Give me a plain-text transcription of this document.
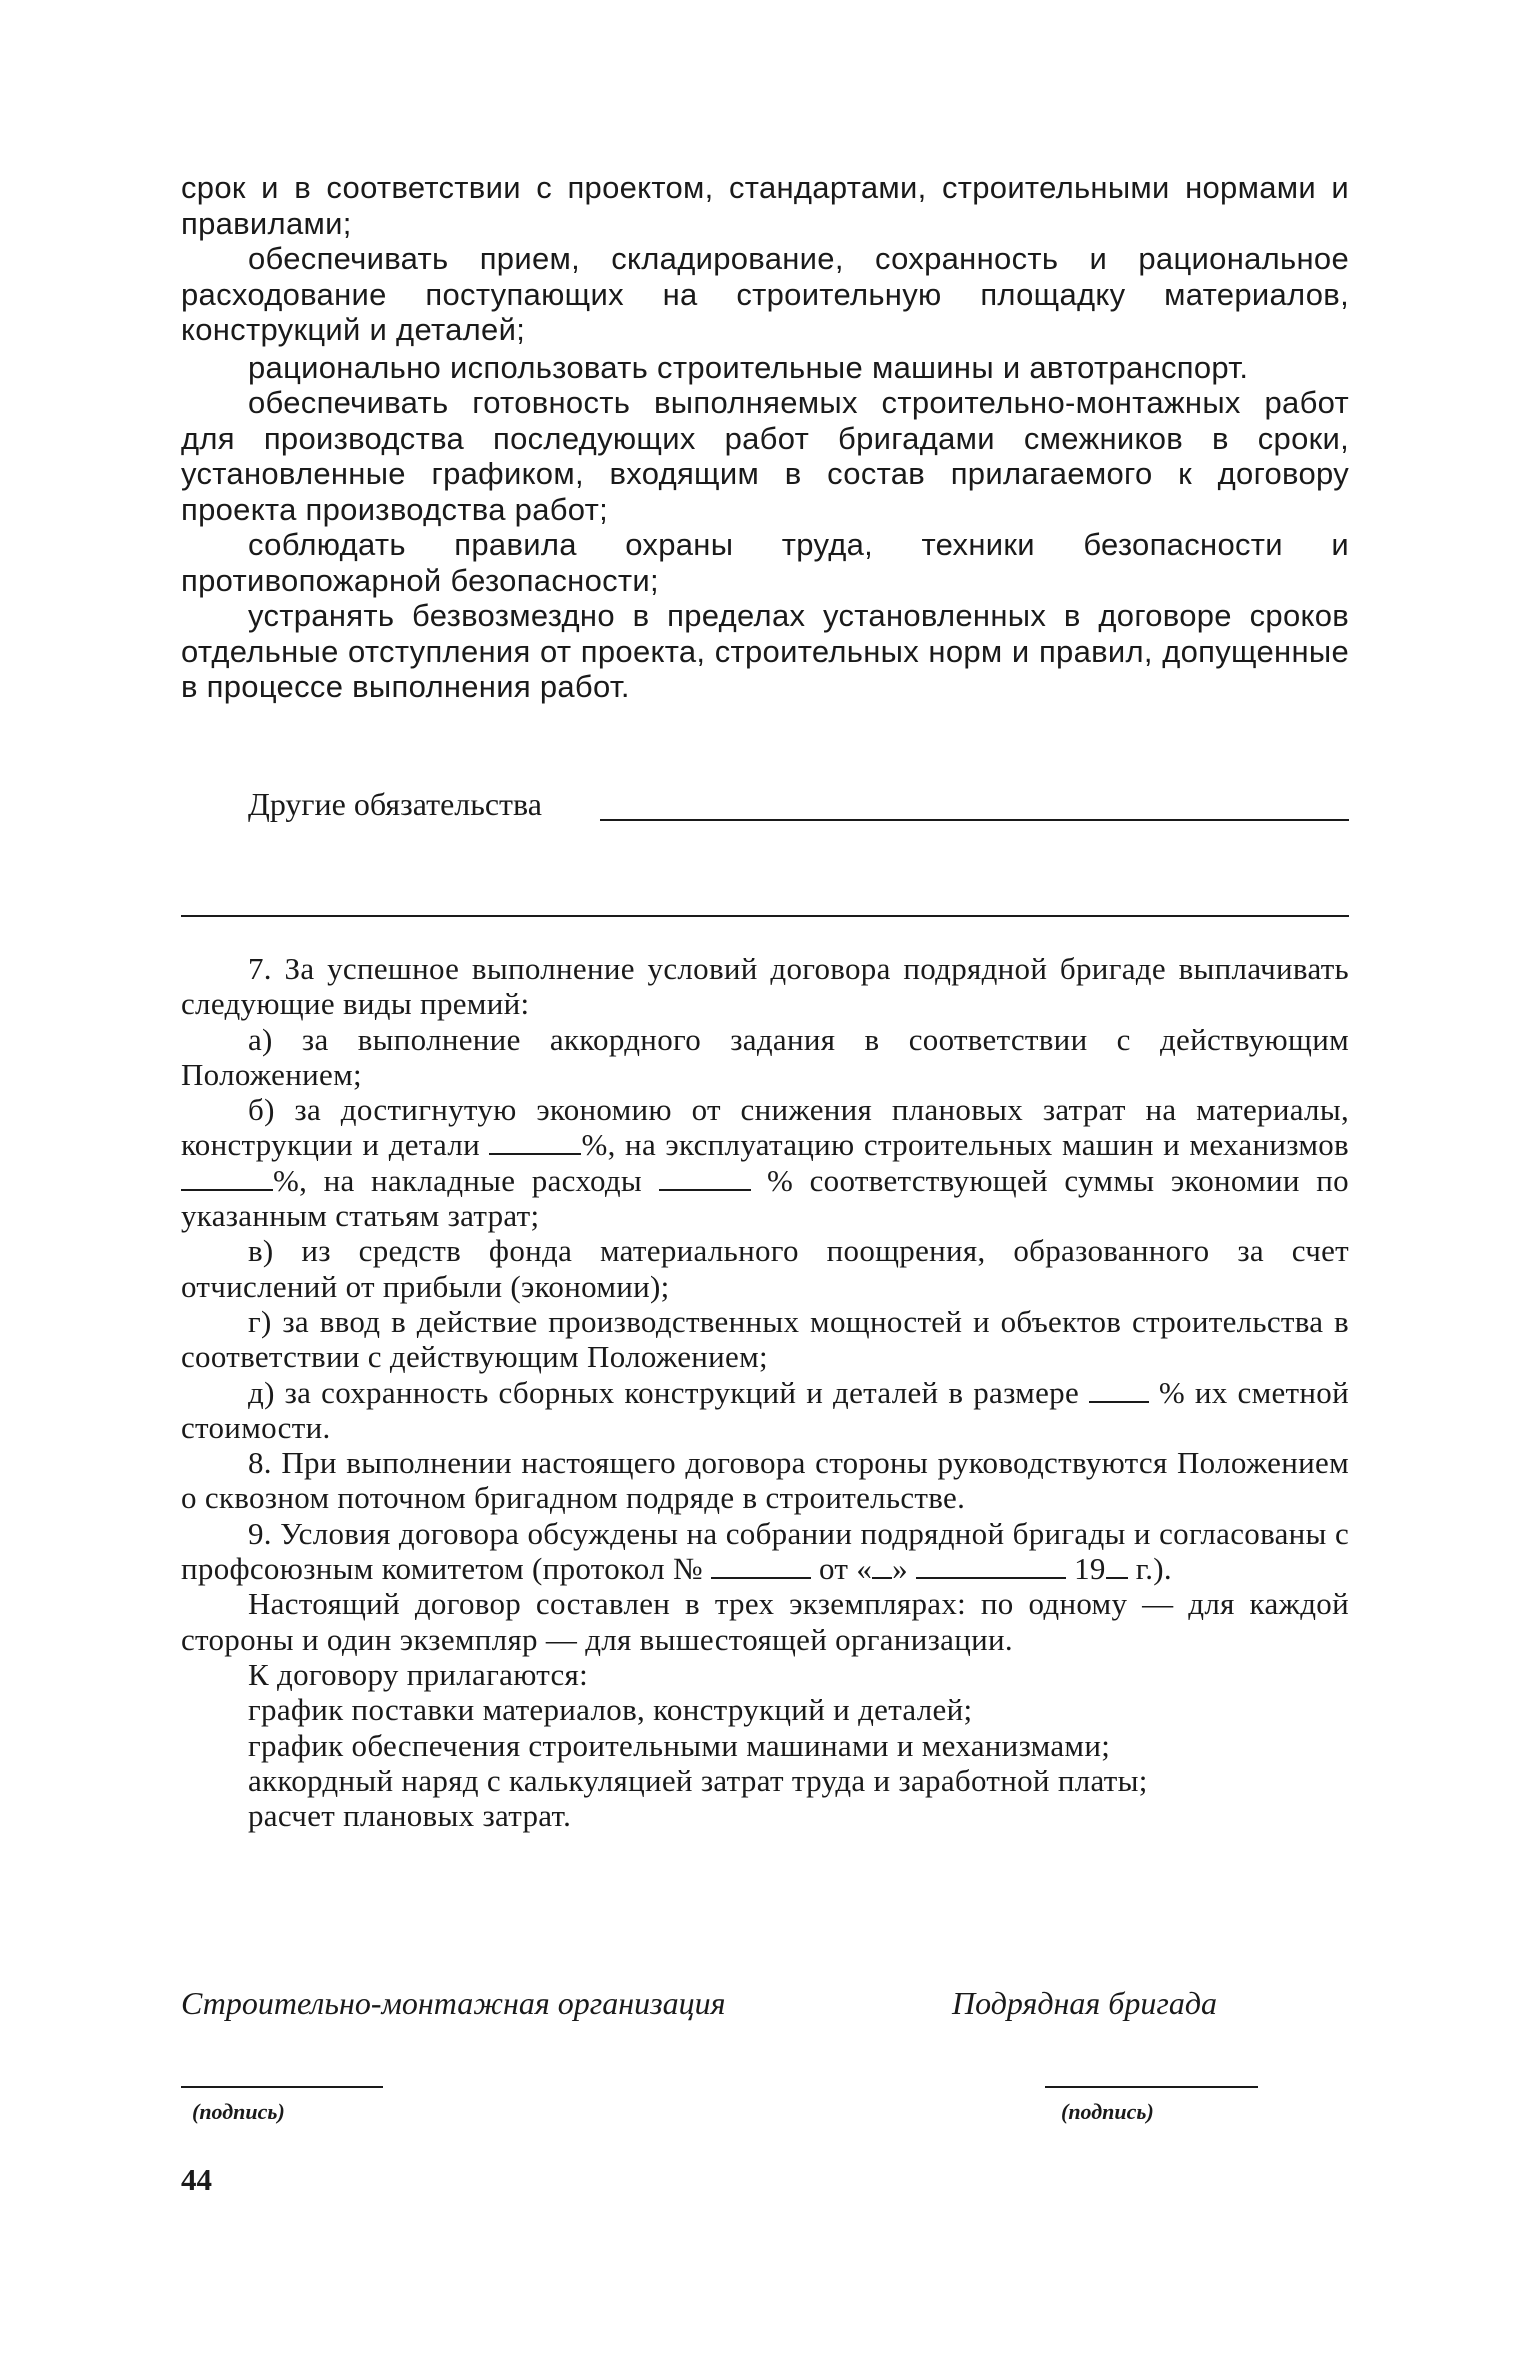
срок и в соответствии с проектом, стандартами, строительными нормами и правилами;

обеспечивать прием, складирование, сохранность и рациональное расходование поступающих на строительную площадку материалов, конструкций и деталей;

рационально использовать строительные машины и автотранспорт.

обеспечивать готовность выполняемых строительно-монтажных работ для производства последующих работ бригадами смежников в сроки, установленные графиком, входящим в состав прилагаемого к договору проекта производства работ;

соблюдать правила охраны труда, техники безопасности и противопожарной безопасности;

устранять безвозмездно в пределах установленных в договоре сроков отдельные отступления от проекта, строительных норм и правил, допущенные в процессе выполнения работ.

Другие обязательства

7. За успешное выполнение условий договора подрядной бригаде выплачивать следующие виды премий:

а) за выполнение аккордного задания в соответствии с действующим Положением;

б) за достигнутую экономию от снижения плановых затрат на материалы, конструкции и детали	%, на эксплуатацию строительных машин и механизмов %, на накладные расходы	% соответствующей суммы экономии по указанным статьям затрат;

в) из средств фонда материального поощрения, образованного за счет отчислений от прибыли (экономии);

г) за ввод в действие производственных мощностей и объектов строительства в соответствии с действующим Положением;

д) за сохранность сборных конструкций и деталей в размере	% их сметной стоимости.

8. При выполнении настоящего договора стороны руководствуются Положением о сквозном поточном бригадном подряде в строительстве.

9. Условия договора обсуждены на собрании подрядной бригады и согласованы с профсоюзным комитетом (протокол №	от « »	19 г.).

Настоящий договор составлен в трех экземплярах: по одному — для каждой стороны и один экземпляр — для вышестоящей организации.

К договору прилагаются:

график поставки материалов, конструкций и деталей;

график обеспечения строительными машинами и механизмами;

аккордный наряд с калькуляцией затрат труда и заработной платы;

расчет плановых затрат.

Строительно-монтажная организация	Подрядная бригада
(подпись)	(подпись)
44
